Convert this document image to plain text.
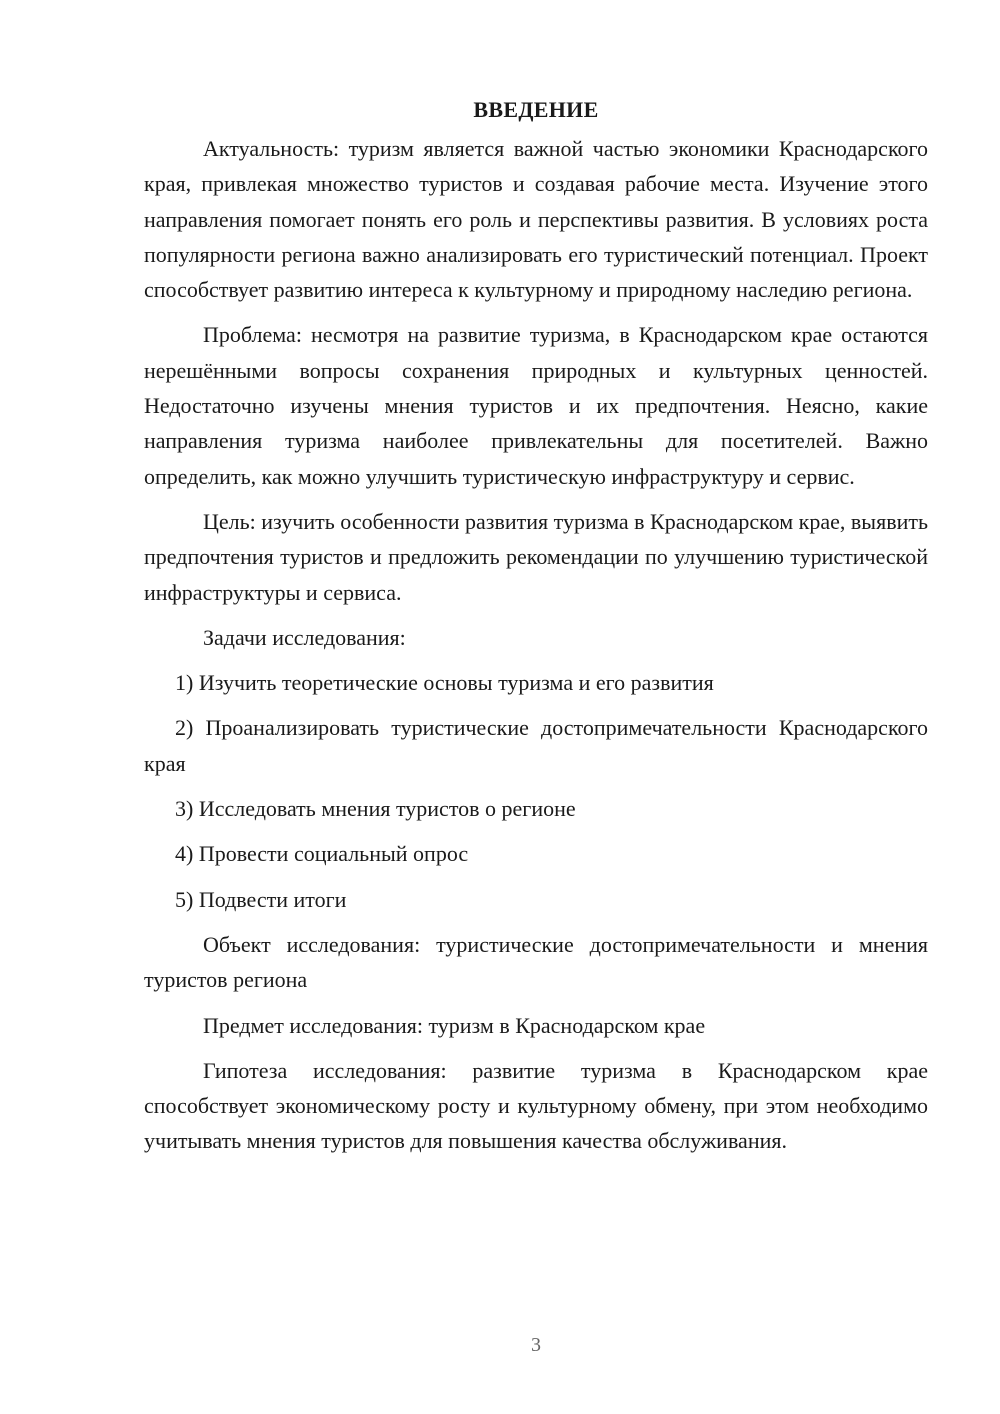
ВВЕДЕНИЕ

Актуальность: туризм является важной частью экономики Краснодарского края, привлекая множество туристов и создавая рабочие места. Изучение этого направления помогает понять его роль и перспективы развития. В условиях роста популярности региона важно анализировать его туристический потенциал. Проект способствует развитию интереса к культурному и природному наследию региона.

Проблема: несмотря на развитие туризма, в Краснодарском крае остаются нерешёнными вопросы сохранения природных и культурных ценностей. Недостаточно изучены мнения туристов и их предпочтения. Неясно, какие направления туризма наиболее привлекательны для посетителей. Важно определить, как можно улучшить туристическую инфраструктуру и сервис.

Цель: изучить особенности развития туризма в Краснодарском крае, выявить предпочтения туристов и предложить рекомендации по улучшению туристической инфраструктуры и сервиса.

Задачи исследования:

1) Изучить теоретические основы туризма и его развития

2) Проанализировать туристические достопримечательности Краснодарского края

3) Исследовать мнения туристов о регионе

4) Провести социальный опрос

5) Подвести итоги

Объект исследования: туристические достопримечательности и мнения туристов региона

Предмет исследования: туризм в Краснодарском крае

Гипотеза исследования: развитие туризма в Краснодарском крае способствует экономическому росту и культурному обмену, при этом необходимо учитывать мнения туристов для повышения качества обслуживания.

3
